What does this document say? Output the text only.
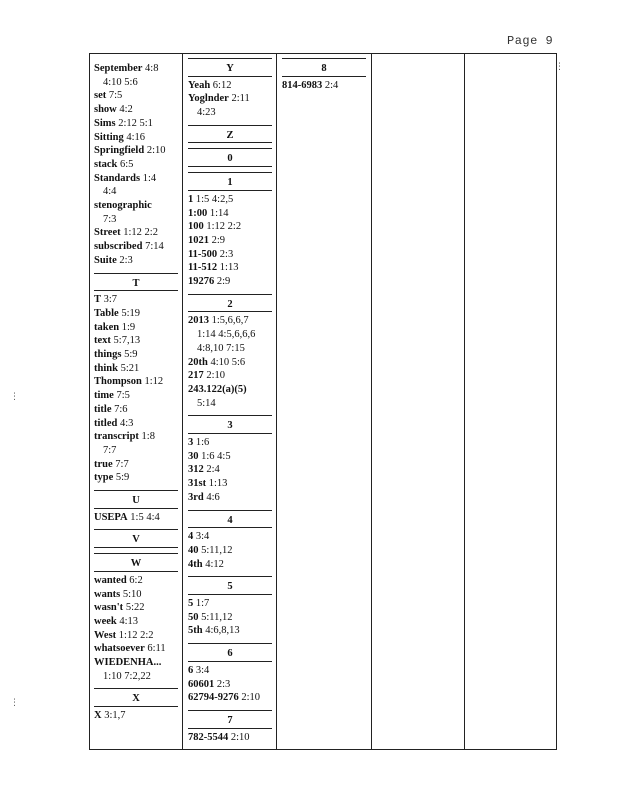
Page 9
⋮
⋮
⋮
September 4:8
4:10 5:6
set 7:5
show 4:2
Sims 2:12 5:1
Sitting 4:16
Springfield 2:10
stack 6:5
Standards 1:4
4:4
stenographic
7:3
Street 1:12 2:2
subscribed 7:14
Suite 2:3
T
T 3:7
Table 5:19
taken 1:9
text 5:7,13
things 5:9
think 5:21
Thompson 1:12
time 7:5
title 7:6
titled 4:3
transcript 1:8
7:7
true 7:7
type 5:9
U
USEPA 1:5 4:4
V
W
wanted 6:2
wants 5:10
wasn't 5:22
week 4:13
West 1:12 2:2
whatsoever 6:11
WIEDENHA...
1:10 7:2,22
X
X 3:1,7
Y
Yeah 6:12
Yoglnder 2:11
4:23
Z
0
1
1 1:5 4:2,5
1:00 1:14
100 1:12 2:2
1021 2:9
11-500 2:3
11-512 1:13
19276 2:9
2
2013 1:5,6,6,7
1:14 4:5,6,6,6
4:8,10 7:15
20th 4:10 5:6
217 2:10
243.122(a)(5)
5:14
3
3 1:6
30 1:6 4:5
312 2:4
31st 1:13
3rd 4:6
4
4 3:4
40 5:11,12
4th 4:12
5
5 1:7
50 5:11,12
5th 4:6,8,13
6
6 3:4
60601 2:3
62794-9276 2:10
7
782-5544 2:10
8
814-6983 2:4
